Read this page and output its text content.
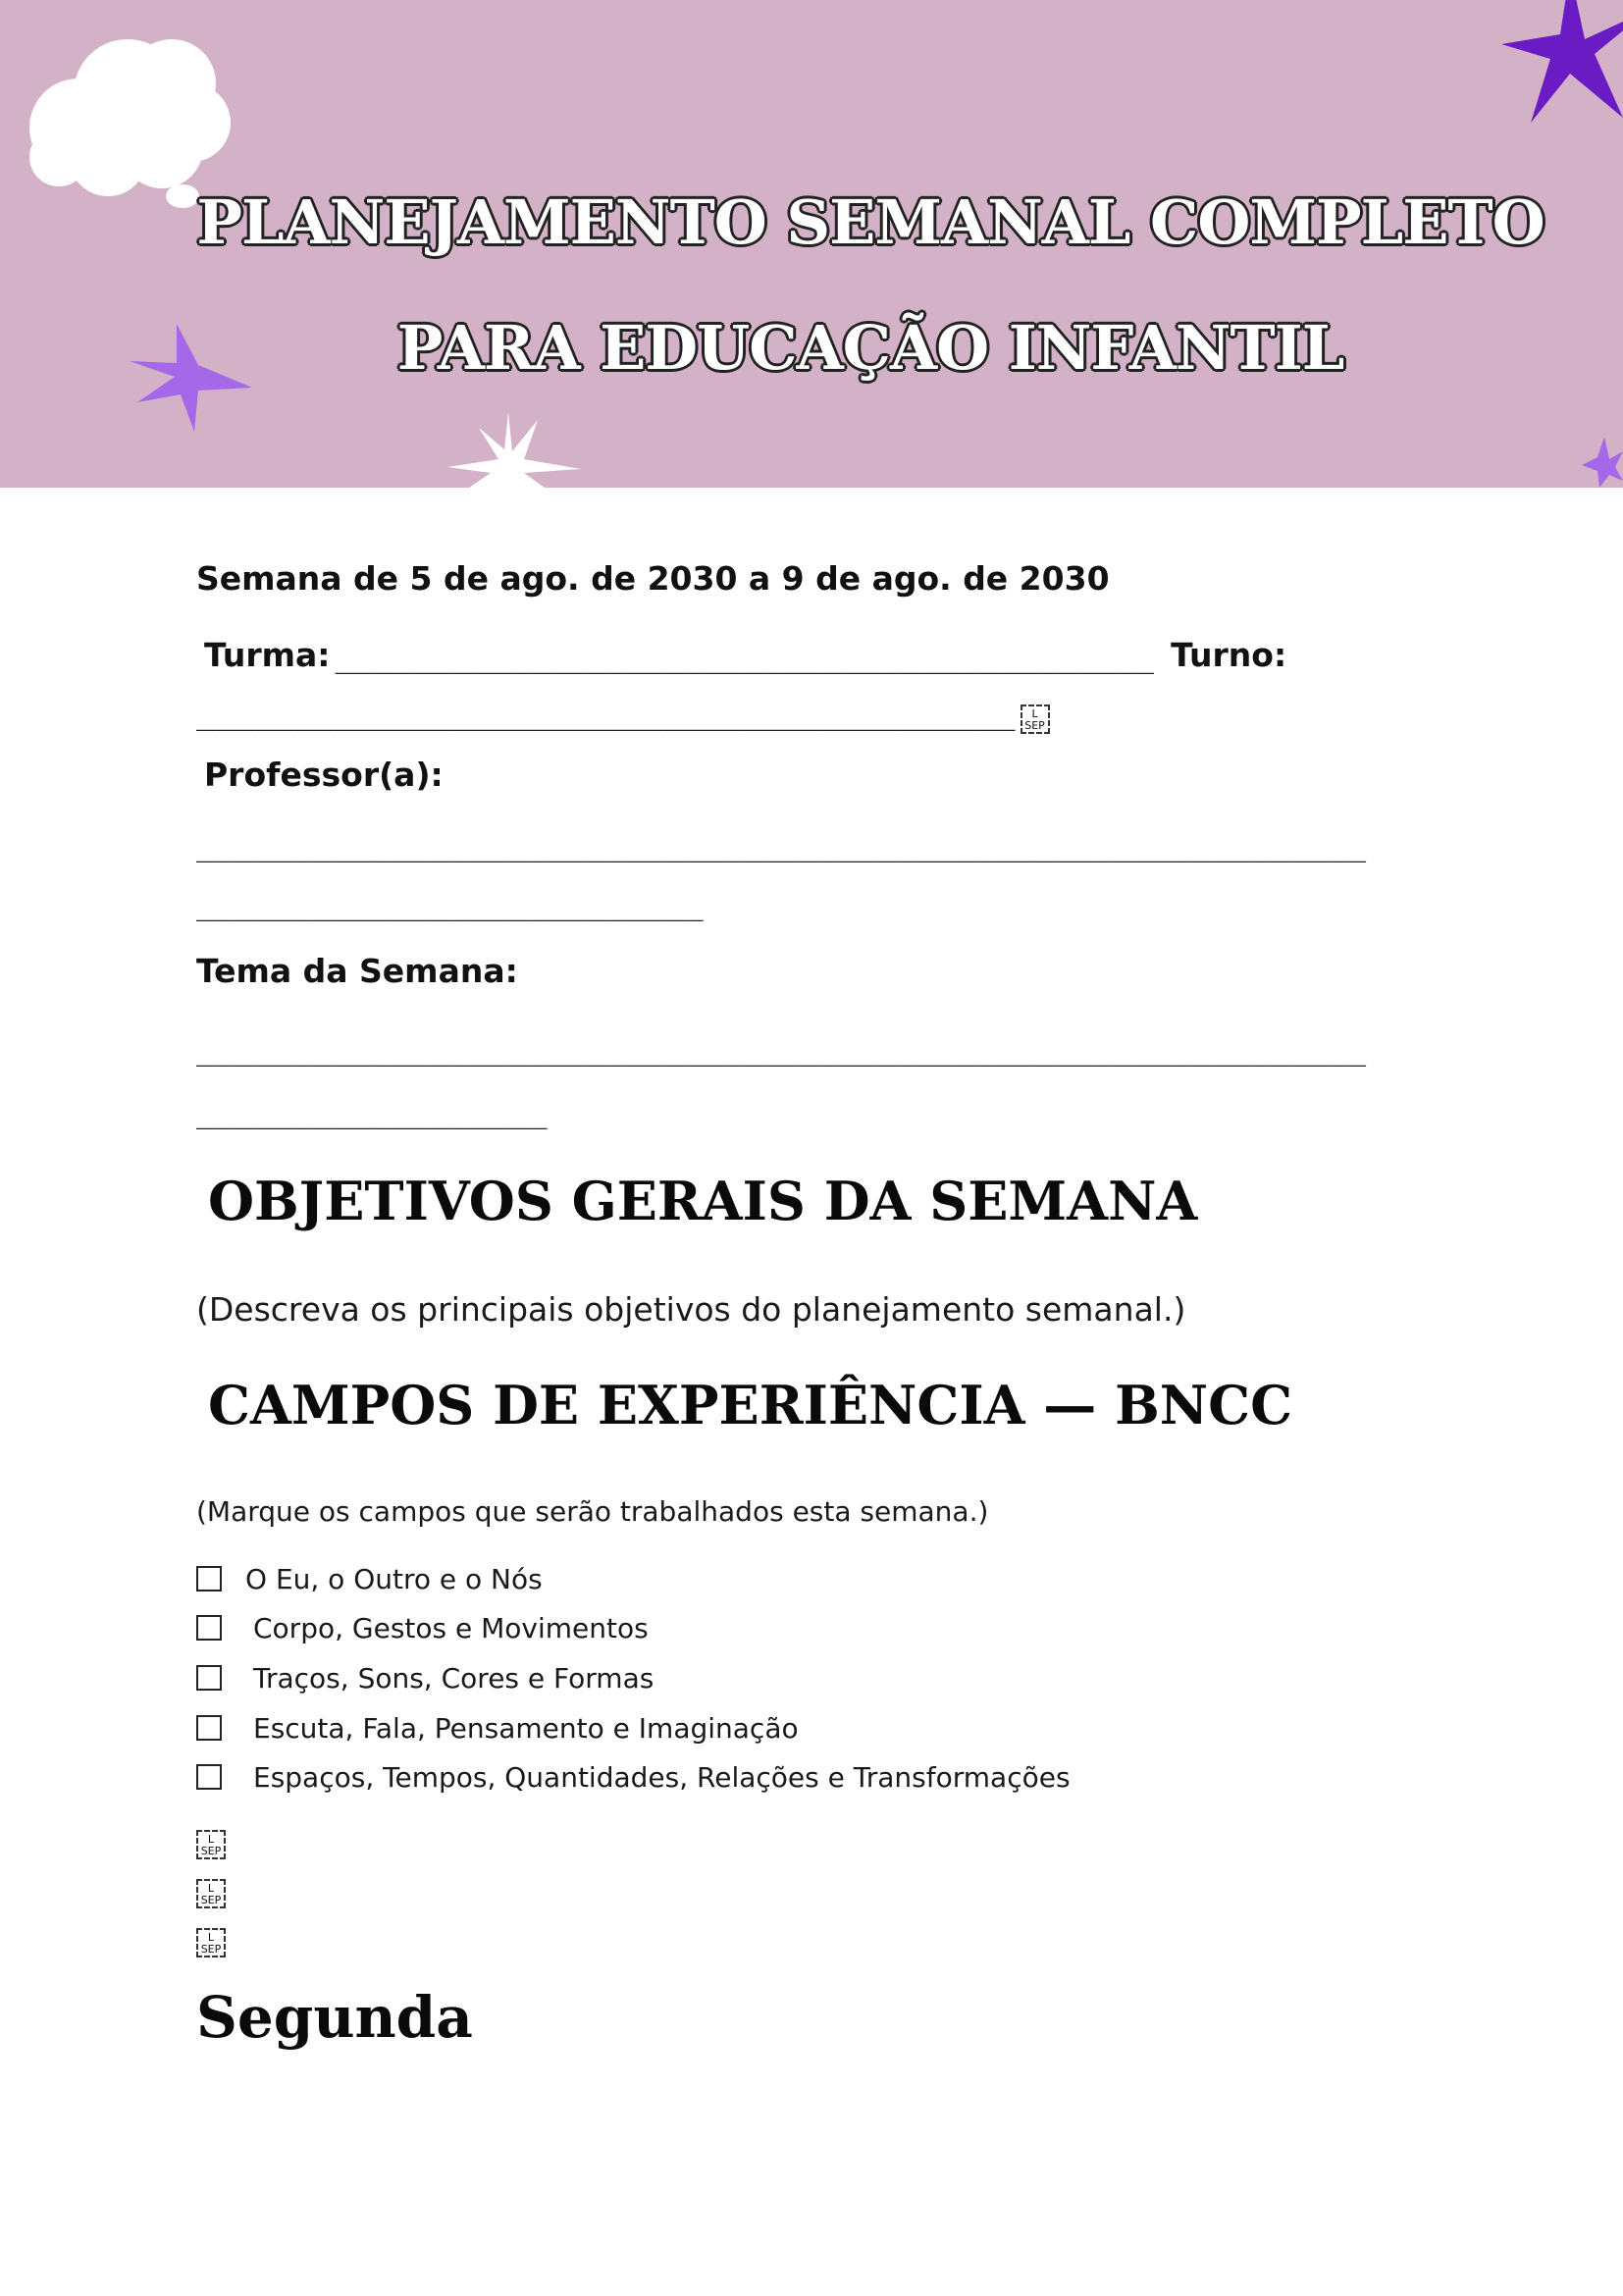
PLANEJAMENTO SEMANAL COMPLETO
PARA EDUCAÇÃO INFANTIL
Semana de 5 de ago. de 2030 a 9 de ago. de 2030
Turma: __________________________________________ Turno:
__________________________________________ L
SEP
Professor(a):
____________________________________________________________
__________________________
Tema da Semana:
____________________________________________________________
__________________
OBJETIVOS GERAIS DA SEMANA
(Descreva os principais objetivos do planejamento semanal.)
CAMPOS DE EXPERIÊNCIA — BNCC
(Marque os campos que serão trabalhados esta semana.)
O Eu, o Outro e o Nós
Corpo, Gestos e Movimentos
Traços, Sons, Cores e Formas
Escuta, Fala, Pensamento e Imaginação
Espaços, Tempos, Quantidades, Relações e Transformações
L
SEP
L
SEP
L
SEP
Segunda
